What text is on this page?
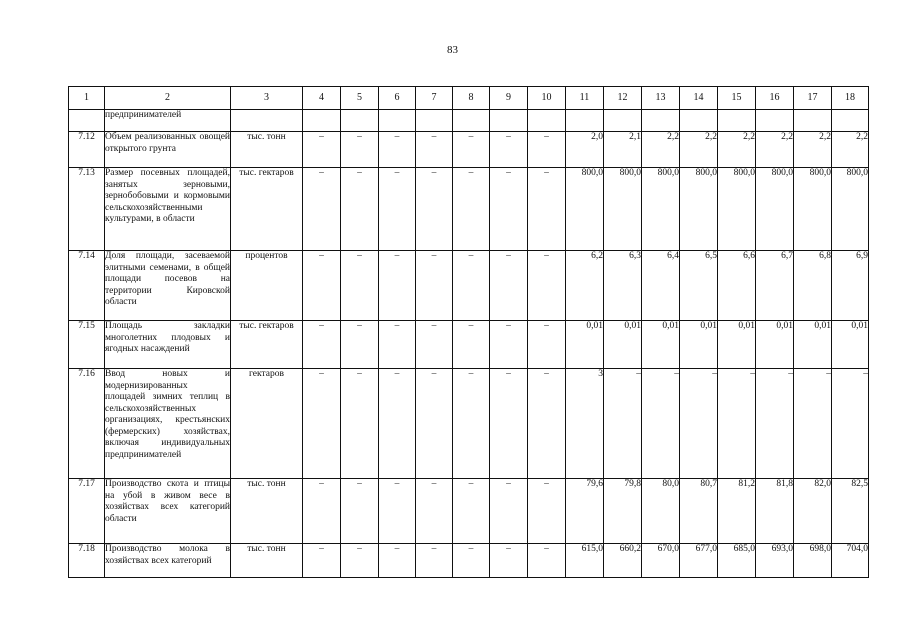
83
1	2	3	4	5	6	7	8	9	10	11	12	13	14	15	16	17	18
	предпринимателей																
7.12	Объем реализованных овощей открытого грунта	тыс. тонн	–	–	–	–	–	–	–	2,0	2,1	2,2	2,2	2,2	2,2	2,2	2,2
7.13	Размер посевных площадей, занятых зерновыми, зернобобовыми и кормовыми сельскохозяйственными культурами, в области	тыс. гектаров	–	–	–	–	–	–	–	800,0	800,0	800,0	800,0	800,0	800,0	800,0	800,0
7.14	Доля площади, засеваемой элитными семенами, в общей площади посевов на территории Кировской области	процентов	–	–	–	–	–	–	–	6,2	6,3	6,4	6,5	6,6	6,7	6,8	6,9
7.15	Площадь закладки многолетних плодовых и ягодных насаждений	тыс. гектаров	–	–	–	–	–	–	–	0,01	0,01	0,01	0,01	0,01	0,01	0,01	0,01
7.16	Ввод новых и модернизированных площадей зимних теплиц в сельскохозяйственных организациях, крестьянских (фермерских) хозяйствах, включая индивидуальных предпринимателей	гектаров	–	–	–	–	–	–	–	3	–	–	–	–	–	–	–
7.17	Производство скота и птицы на убой в живом весе в хозяйствах всех категорий области	тыс. тонн	–	–	–	–	–	–	–	79,6	79,8	80,0	80,7	81,2	81,8	82,0	82,5
7.18	Производство молока в хозяйствах всех категорий	тыс. тонн	–	–	–	–	–	–	–	615,0	660,2	670,0	677,0	685,0	693,0	698,0	704,0
